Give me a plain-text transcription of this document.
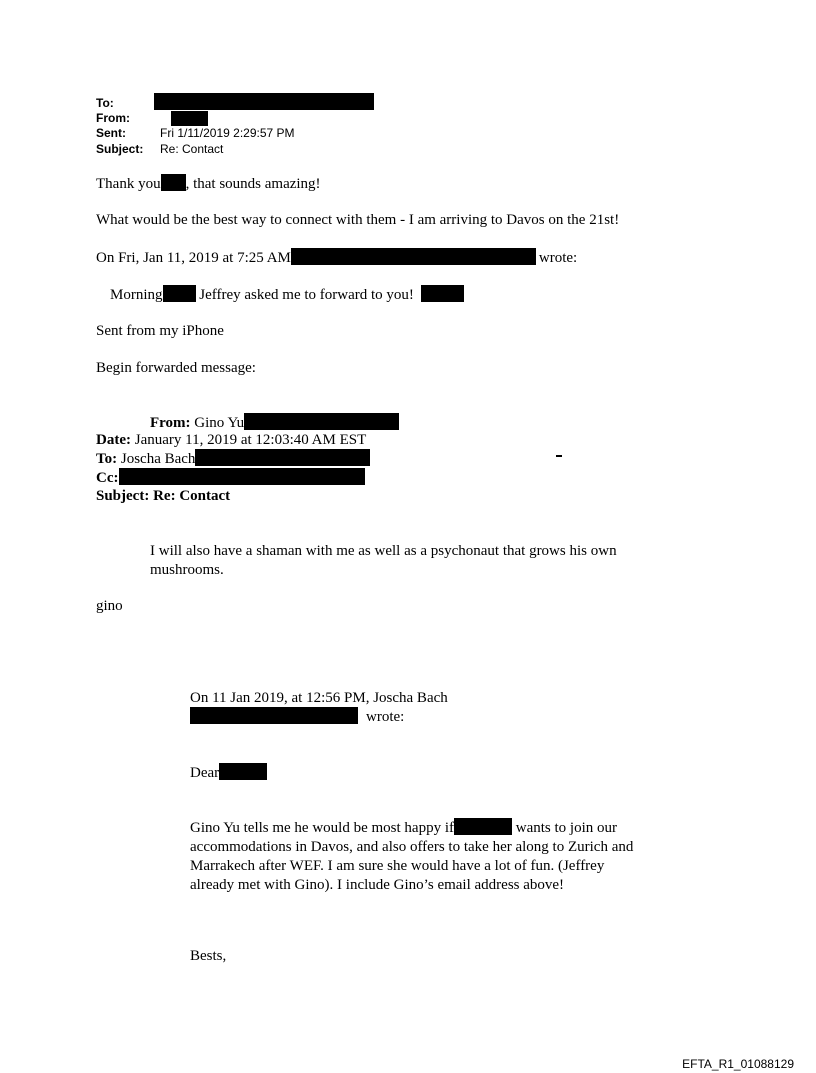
To:
From:
Sent:	Fri 1/11/2019 2:29:57 PM
Subject: Re: Contact
Thank you , that sounds amazing!
What would be the best way to connect with them - I am arriving to Davos on the 21st!
On Fri, Jan 11, 2019 at 7:25 AM	wrote:
Morning Jeffrey asked me to forward to you!
Sent from my iPhone
Begin forwarded message:
From: Gino Yu
Date: January 11, 2019 at 12:03:40 AM EST
To: Joscha Bach
Cc:
Subject: Re: Contact
I will also have a shaman with me as well as a psychonaut that grows his own mushrooms.
gino
On 11 Jan 2019, at 12:56 PM, Joscha Bach
wrote:
Dear
Gino Yu tells me he would be most happy if	wants to join our accommodations in Davos, and also offers to take her along to Zurich and Marrakech after WEF. I am sure she would have a lot of fun. (Jeffrey already met with Gino). I include Gino’s email address above!
Bests,
EFTA_R1_01088129
